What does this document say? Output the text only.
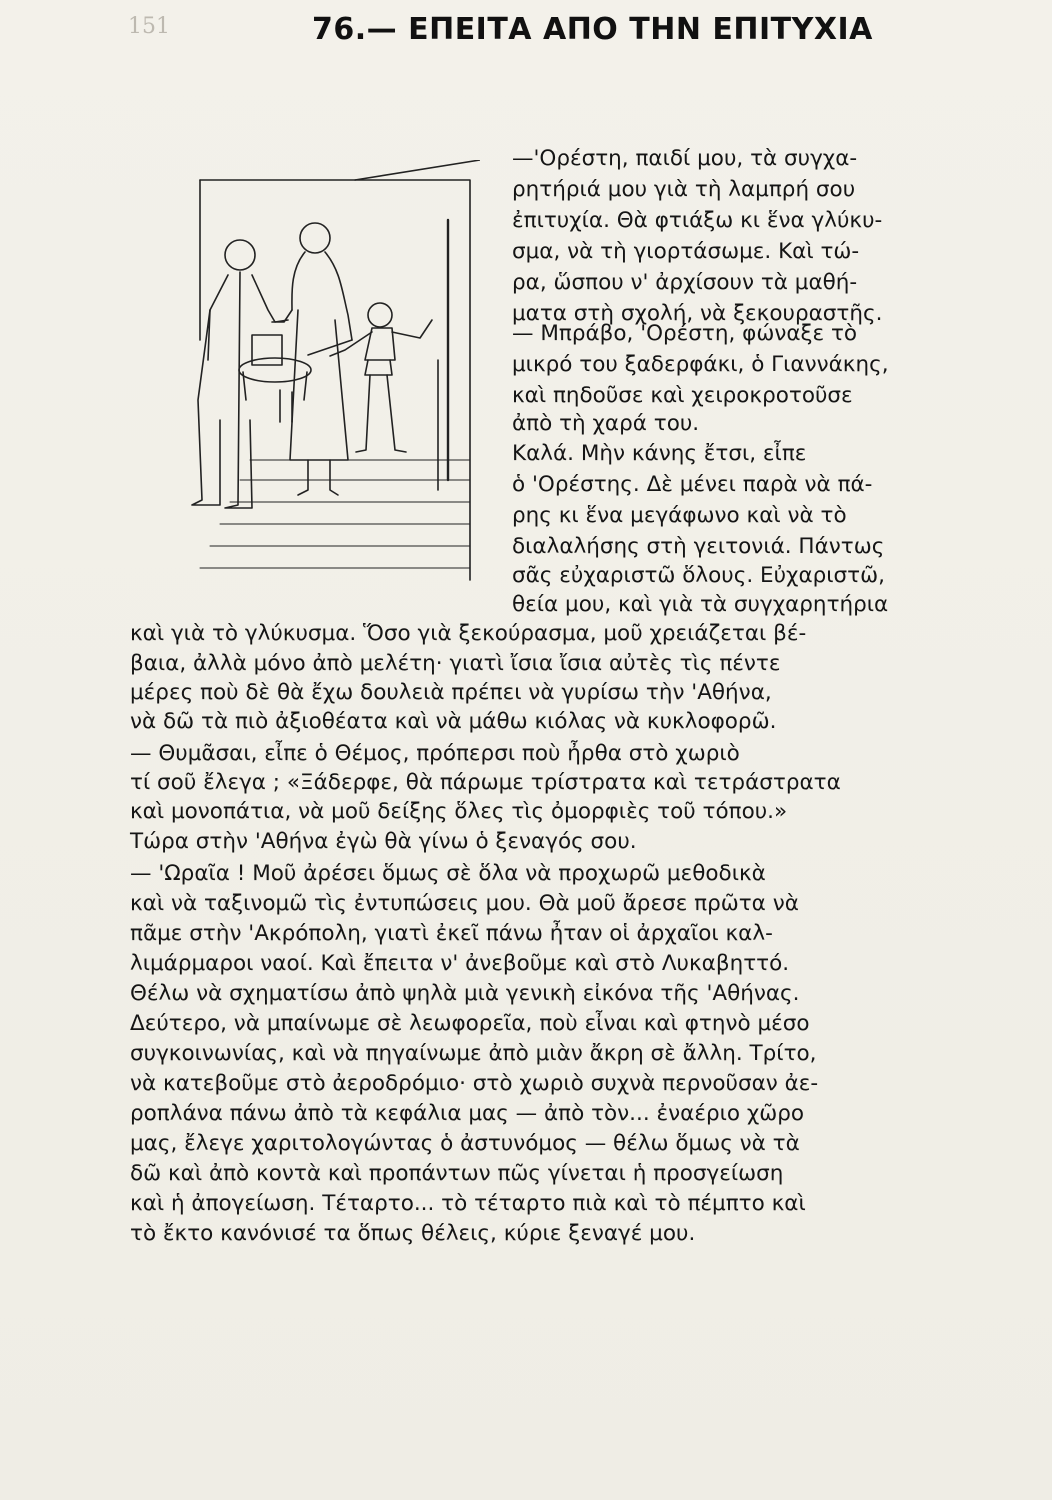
151	76.— ΕΠΕΙΤΑ ΑΠΟ ΤΗΝ ΕΠΙΤΥΧΙΑ
—'Ορέστη, παιδί μου, τὰ συγχα-
ρητήριά μου γιὰ τὴ λαμπρή σου
ἐπιτυχία. Θὰ φτιάξω κι ἕνα γλύκυ-
σμα, νὰ τὴ γιορτάσωμε. Καὶ τώ-
ρα, ὥσπου ν' ἀρχίσουν τὰ μαθή-
ματα στὴ σχολή, νὰ ξεκουραστῆς.
— Μπράβο, 'Ορέστη, φώναξε τὸ
μικρό του ξαδερφάκι, ὁ Γιαννάκης,
καὶ πηδοῦσε καὶ χειροκροτοῦσε
ἀπὸ τὴ χαρά του.
Καλά. Μὴν κάνης ἔτσι, εἶπε
ὁ 'Ορέστης. Δὲ μένει παρὰ νὰ πά-
ρης κι ἕνα μεγάφωνο καὶ νὰ τὸ
διαλαλήσης στὴ γειτονιά. Πάντως
σᾶς εὐχαριστῶ ὅλους. Εὐχαριστῶ,
θεία μου, καὶ γιὰ τὰ συγχαρητήρια
καὶ γιὰ τὸ γλύκυσμα. Ὅσο γιὰ ξεκούρασμα, μοῦ χρειάζεται βέ-
βαια, ἀλλὰ μόνο ἀπὸ μελέτη· γιατὶ ἴσια ἴσια αὐτὲς τὶς πέντε
μέρες ποὺ δὲ θὰ ἔχω δουλειὰ πρέπει νὰ γυρίσω τὴν 'Αθήνα,
νὰ δῶ τὰ πιὸ ἀξιοθέατα καὶ νὰ μάθω κιόλας νὰ κυκλοφορῶ.
— Θυμᾶσαι, εἶπε ὁ Θέμος, πρόπερσι ποὺ ἦρθα στὸ χωριὸ
τί σοῦ ἔλεγα ; «Ξάδερφε, θὰ πάρωμε τρίστρατα καὶ τετράστρατα
καὶ μονοπάτια, νὰ μοῦ δείξης ὅλες τὶς ὀμορφιὲς τοῦ τόπου.»
Τώρα στὴν 'Αθήνα ἐγὼ θὰ γίνω ὁ ξεναγός σου.
— 'Ωραῖα ! Μοῦ ἀρέσει ὅμως σὲ ὅλα νὰ προχωρῶ μεθοδικὰ
καὶ νὰ ταξινομῶ τὶς ἐντυπώσεις μου. Θὰ μοῦ ἄρεσε πρῶτα νὰ
πᾶμε στὴν 'Ακρόπολη, γιατὶ ἐκεῖ πάνω ἦταν οἱ ἀρχαῖοι καλ-
λιμάρμαροι ναοί. Καὶ ἔπειτα ν' ἀνεβοῦμε καὶ στὸ Λυκαβηττό.
Θέλω νὰ σχηματίσω ἀπὸ ψηλὰ μιὰ γενικὴ εἰκόνα τῆς 'Αθήνας.
Δεύτερο, νὰ μπαίνωμε σὲ λεωφορεῖα, ποὺ εἶναι καὶ φτηνὸ μέσο
συγκοινωνίας, καὶ νὰ πηγαίνωμε ἀπὸ μιὰν ἄκρη σὲ ἄλλη. Τρίτο,
νὰ κατεβοῦμε στὸ ἀεροδρόμιο· στὸ χωριὸ συχνὰ περνοῦσαν ἀε-
ροπλάνα πάνω ἀπὸ τὰ κεφάλια μας — ἀπὸ τὸν... ἐναέριο χῶρο
μας, ἔλεγε χαριτολογώντας ὁ ἀστυνόμος — θέλω ὅμως νὰ τὰ
δῶ καὶ ἀπὸ κοντὰ καὶ προπάντων πῶς γίνεται ἡ προσγείωση
καὶ ἡ ἀπογείωση. Τέταρτο... τὸ τέταρτο πιὰ καὶ τὸ πέμπτο καὶ
τὸ ἔκτο κανόνισέ τα ὅπως θέλεις, κύριε ξεναγέ μου.
